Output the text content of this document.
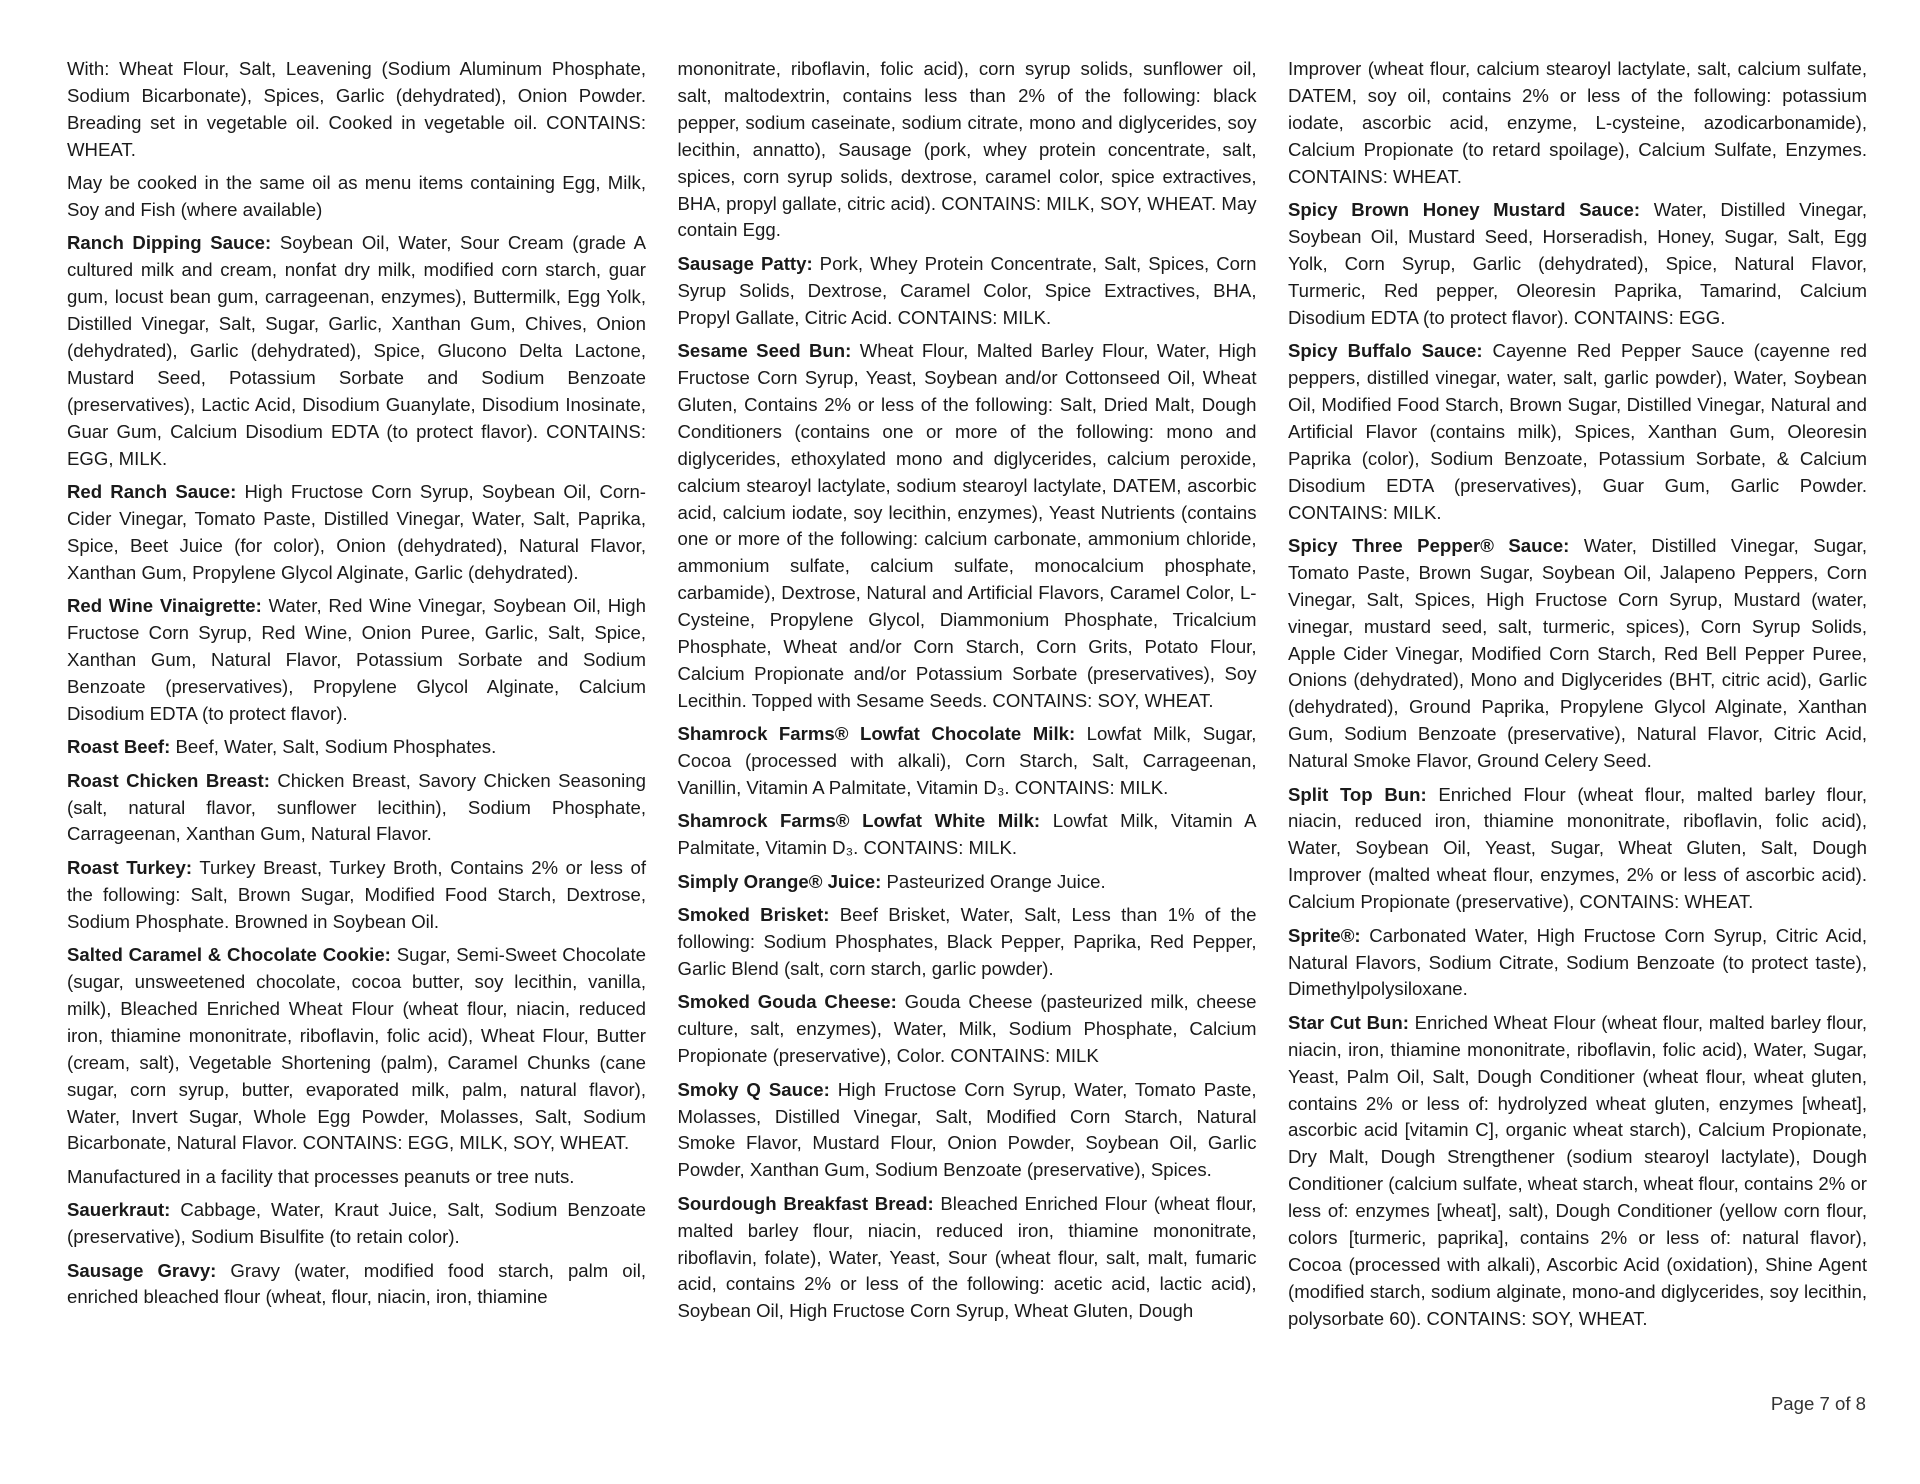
With: Wheat Flour, Salt, Leavening (Sodium Aluminum Phosphate, Sodium Bicarbonate), Spices, Garlic (dehydrated), Onion Powder. Breading set in vegetable oil. Cooked in vegetable oil. CONTAINS: WHEAT.

May be cooked in the same oil as menu items containing Egg, Milk, Soy and Fish (where available)

Ranch Dipping Sauce: Soybean Oil, Water, Sour Cream (grade A cultured milk and cream, nonfat dry milk, modified corn starch, guar gum, locust bean gum, carrageenan, enzymes), Buttermilk, Egg Yolk, Distilled Vinegar, Salt, Sugar, Garlic, Xanthan Gum, Chives, Onion (dehydrated), Garlic (dehydrated), Spice, Glucono Delta Lactone, Mustard Seed, Potassium Sorbate and Sodium Benzoate (preservatives), Lactic Acid, Disodium Guanylate, Disodium Inosinate, Guar Gum, Calcium Disodium EDTA (to protect flavor). CONTAINS: EGG, MILK.

Red Ranch Sauce: High Fructose Corn Syrup, Soybean Oil, Corn-Cider Vinegar, Tomato Paste, Distilled Vinegar, Water, Salt, Paprika, Spice, Beet Juice (for color), Onion (dehydrated), Natural Flavor, Xanthan Gum, Propylene Glycol Alginate, Garlic (dehydrated).

Red Wine Vinaigrette: Water, Red Wine Vinegar, Soybean Oil, High Fructose Corn Syrup, Red Wine, Onion Puree, Garlic, Salt, Spice, Xanthan Gum, Natural Flavor, Potassium Sorbate and Sodium Benzoate (preservatives), Propylene Glycol Alginate, Calcium Disodium EDTA (to protect flavor).

Roast Beef: Beef, Water, Salt, Sodium Phosphates.

Roast Chicken Breast: Chicken Breast, Savory Chicken Seasoning (salt, natural flavor, sunflower lecithin), Sodium Phosphate, Carrageenan, Xanthan Gum, Natural Flavor.

Roast Turkey: Turkey Breast, Turkey Broth, Contains 2% or less of the following: Salt, Brown Sugar, Modified Food Starch, Dextrose, Sodium Phosphate. Browned in Soybean Oil.

Salted Caramel & Chocolate Cookie: Sugar, Semi-Sweet Chocolate (sugar, unsweetened chocolate, cocoa butter, soy lecithin, vanilla, milk), Bleached Enriched Wheat Flour (wheat flour, niacin, reduced iron, thiamine mononitrate, riboflavin, folic acid), Wheat Flour, Butter (cream, salt), Vegetable Shortening (palm), Caramel Chunks (cane sugar, corn syrup, butter, evaporated milk, palm, natural flavor), Water, Invert Sugar, Whole Egg Powder, Molasses, Salt, Sodium Bicarbonate, Natural Flavor. CONTAINS: EGG, MILK, SOY, WHEAT.

Manufactured in a facility that processes peanuts or tree nuts.

Sauerkraut: Cabbage, Water, Kraut Juice, Salt, Sodium Benzoate (preservative), Sodium Bisulfite (to retain color).

Sausage Gravy: Gravy (water, modified food starch, palm oil, enriched bleached flour (wheat, flour, niacin, iron, thiamine

mononitrate, riboflavin, folic acid), corn syrup solids, sunflower oil, salt, maltodextrin, contains less than 2% of the following: black pepper, sodium caseinate, sodium citrate, mono and diglycerides, soy lecithin, annatto), Sausage (pork, whey protein concentrate, salt, spices, corn syrup solids, dextrose, caramel color, spice extractives, BHA, propyl gallate, citric acid). CONTAINS: MILK, SOY, WHEAT. May contain Egg.

Sausage Patty: Pork, Whey Protein Concentrate, Salt, Spices, Corn Syrup Solids, Dextrose, Caramel Color, Spice Extractives, BHA, Propyl Gallate, Citric Acid. CONTAINS: MILK.

Sesame Seed Bun: Wheat Flour, Malted Barley Flour, Water, High Fructose Corn Syrup, Yeast, Soybean and/or Cottonseed Oil, Wheat Gluten, Contains 2% or less of the following: Salt, Dried Malt, Dough Conditioners (contains one or more of the following: mono and diglycerides, ethoxylated mono and diglycerides, calcium peroxide, calcium stearoyl lactylate, sodium stearoyl lactylate, DATEM, ascorbic acid, calcium iodate, soy lecithin, enzymes), Yeast Nutrients (contains one or more of the following: calcium carbonate, ammonium chloride, ammonium sulfate, calcium sulfate, monocalcium phosphate, carbamide), Dextrose, Natural and Artificial Flavors, Caramel Color, L-Cysteine, Propylene Glycol, Diammonium Phosphate, Tricalcium Phosphate, Wheat and/or Corn Starch, Corn Grits, Potato Flour, Calcium Propionate and/or Potassium Sorbate (preservatives), Soy Lecithin. Topped with Sesame Seeds. CONTAINS: SOY, WHEAT.

Shamrock Farms® Lowfat Chocolate Milk: Lowfat Milk, Sugar, Cocoa (processed with alkali), Corn Starch, Salt, Carrageenan, Vanillin, Vitamin A Palmitate, Vitamin D₃. CONTAINS: MILK.

Shamrock Farms® Lowfat White Milk: Lowfat Milk, Vitamin A Palmitate, Vitamin D₃. CONTAINS: MILK.

Simply Orange® Juice: Pasteurized Orange Juice.

Smoked Brisket: Beef Brisket, Water, Salt, Less than 1% of the following: Sodium Phosphates, Black Pepper, Paprika, Red Pepper, Garlic Blend (salt, corn starch, garlic powder).

Smoked Gouda Cheese: Gouda Cheese (pasteurized milk, cheese culture, salt, enzymes), Water, Milk, Sodium Phosphate, Calcium Propionate (preservative), Color. CONTAINS: MILK

Smoky Q Sauce: High Fructose Corn Syrup, Water, Tomato Paste, Molasses, Distilled Vinegar, Salt, Modified Corn Starch, Natural Smoke Flavor, Mustard Flour, Onion Powder, Soybean Oil, Garlic Powder, Xanthan Gum, Sodium Benzoate (preservative), Spices.

Sourdough Breakfast Bread: Bleached Enriched Flour (wheat flour, malted barley flour, niacin, reduced iron, thiamine mononitrate, riboflavin, folate), Water, Yeast, Sour (wheat flour, salt, malt, fumaric acid, contains 2% or less of the following: acetic acid, lactic acid), Soybean Oil, High Fructose Corn Syrup, Wheat Gluten, Dough

Improver (wheat flour, calcium stearoyl lactylate, salt, calcium sulfate, DATEM, soy oil, contains 2% or less of the following: potassium iodate, ascorbic acid, enzyme, L-cysteine, azodicarbonamide), Calcium Propionate (to retard spoilage), Calcium Sulfate, Enzymes. CONTAINS: WHEAT.

Spicy Brown Honey Mustard Sauce: Water, Distilled Vinegar, Soybean Oil, Mustard Seed, Horseradish, Honey, Sugar, Salt, Egg Yolk, Corn Syrup, Garlic (dehydrated), Spice, Natural Flavor, Turmeric, Red pepper, Oleoresin Paprika, Tamarind, Calcium Disodium EDTA (to protect flavor). CONTAINS: EGG.

Spicy Buffalo Sauce: Cayenne Red Pepper Sauce (cayenne red peppers, distilled vinegar, water, salt, garlic powder), Water, Soybean Oil, Modified Food Starch, Brown Sugar, Distilled Vinegar, Natural and Artificial Flavor (contains milk), Spices, Xanthan Gum, Oleoresin Paprika (color), Sodium Benzoate, Potassium Sorbate, & Calcium Disodium EDTA (preservatives), Guar Gum, Garlic Powder. CONTAINS: MILK.

Spicy Three Pepper® Sauce: Water, Distilled Vinegar, Sugar, Tomato Paste, Brown Sugar, Soybean Oil, Jalapeno Peppers, Corn Vinegar, Salt, Spices, High Fructose Corn Syrup, Mustard (water, vinegar, mustard seed, salt, turmeric, spices), Corn Syrup Solids, Apple Cider Vinegar, Modified Corn Starch, Red Bell Pepper Puree, Onions (dehydrated), Mono and Diglycerides (BHT, citric acid), Garlic (dehydrated), Ground Paprika, Propylene Glycol Alginate, Xanthan Gum, Sodium Benzoate (preservative), Natural Flavor, Citric Acid, Natural Smoke Flavor, Ground Celery Seed.

Split Top Bun: Enriched Flour (wheat flour, malted barley flour, niacin, reduced iron, thiamine mononitrate, riboflavin, folic acid), Water, Soybean Oil, Yeast, Sugar, Wheat Gluten, Salt, Dough Improver (malted wheat flour, enzymes, 2% or less of ascorbic acid). Calcium Propionate (preservative), CONTAINS: WHEAT.

Sprite®: Carbonated Water, High Fructose Corn Syrup, Citric Acid, Natural Flavors, Sodium Citrate, Sodium Benzoate (to protect taste), Dimethylpolysiloxane.

Star Cut Bun: Enriched Wheat Flour (wheat flour, malted barley flour, niacin, iron, thiamine mononitrate, riboflavin, folic acid), Water, Sugar, Yeast, Palm Oil, Salt, Dough Conditioner (wheat flour, wheat gluten, contains 2% or less of: hydrolyzed wheat gluten, enzymes [wheat], ascorbic acid [vitamin C], organic wheat starch), Calcium Propionate, Dry Malt, Dough Strengthener (sodium stearoyl lactylate), Dough Conditioner (calcium sulfate, wheat starch, wheat flour, contains 2% or less of: enzymes [wheat], salt), Dough Conditioner (yellow corn flour, colors [turmeric, paprika], contains 2% or less of: natural flavor), Cocoa (processed with alkali), Ascorbic Acid (oxidation), Shine Agent (modified starch, sodium alginate, mono-and diglycerides, soy lecithin, polysorbate 60). CONTAINS: SOY, WHEAT.

Page 7 of 8
